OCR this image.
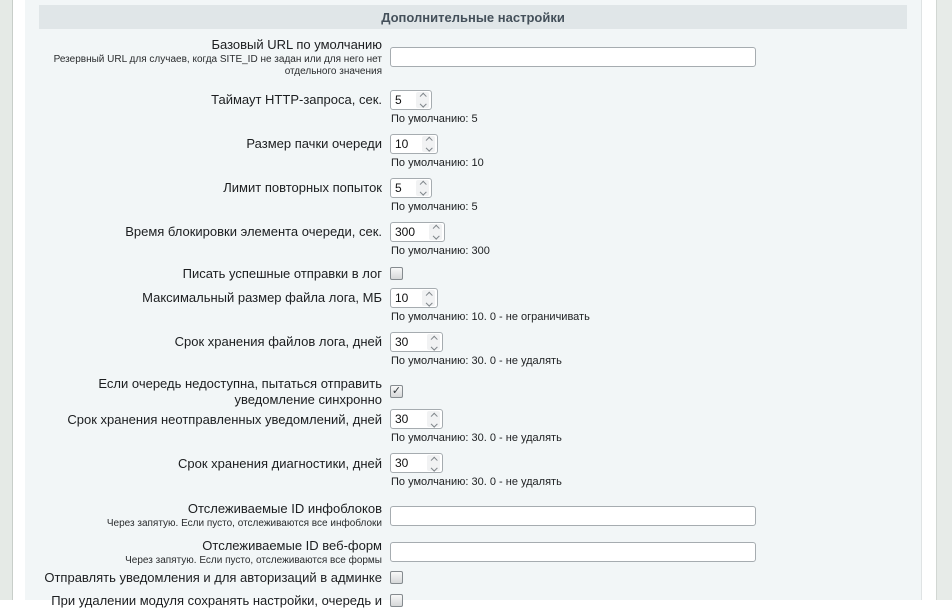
Дополнительные настройки
Базовый URL по умолчанию
Резервный URL для случаев, когда SITE_ID не задан или для него нет отдельного значения
Таймаут HTTP-запроса, сек. 5
По умолчанию: 5
Размер пачки очереди 10
По умолчанию: 10
Лимит повторных попыток 5
По умолчанию: 5
Время блокировки элемента очереди, сек. 300
По умолчанию: 300
Писать успешные отправки в лог
Максимальный размер файла лога, МБ 10
По умолчанию: 10. 0 - не ограничивать
Срок хранения файлов лога, дней 30
По умолчанию: 30. 0 - не удалять
Если очередь недоступна, пытаться отправить уведомление синхронно
✓
Срок хранения неотправленных уведомлений, дней 30
По умолчанию: 30. 0 - не удалять
Срок хранения диагностики, дней 30
По умолчанию: 30. 0 - не удалять
Отслеживаемые ID инфоблоков
Через запятую. Если пусто, отслеживаются все инфоблоки
Отслеживаемые ID веб-форм
Через запятую. Если пусто, отслеживаются все формы
Отправлять уведомления и для авторизаций в админке
При удалении модуля сохранять настройки, очередь и
